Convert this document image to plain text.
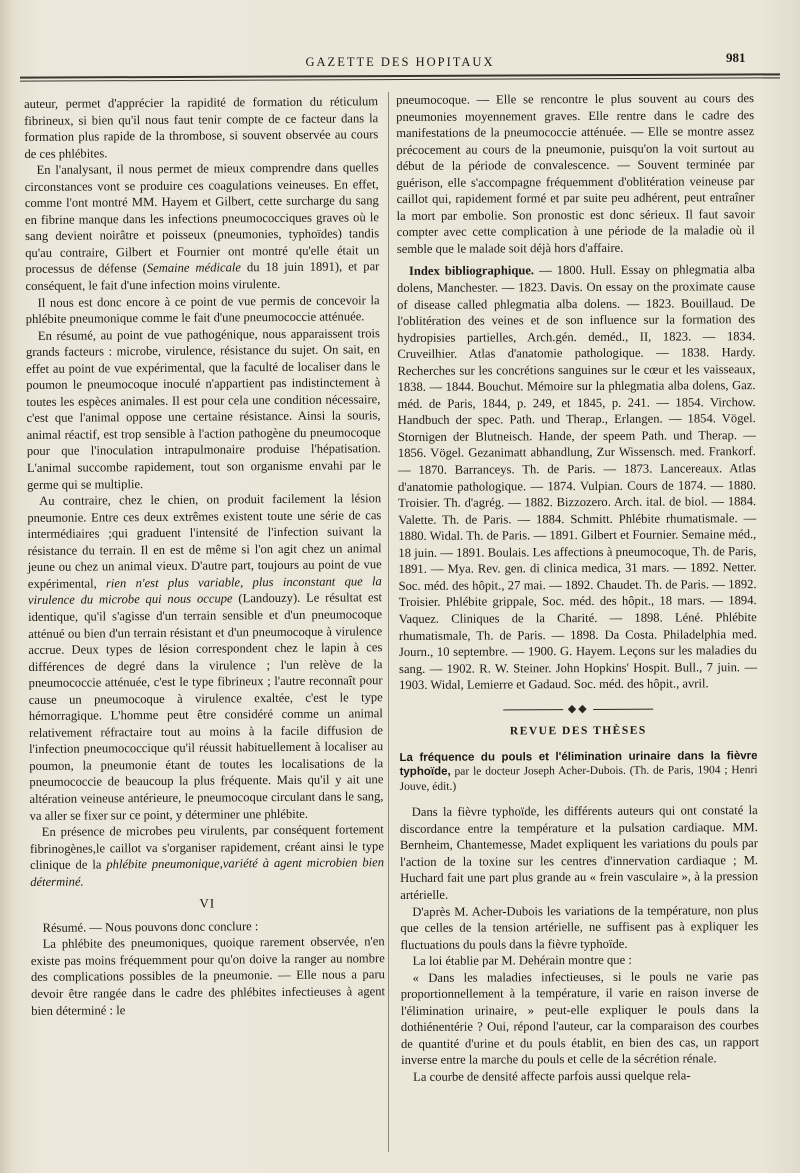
GAZETTE DES HOPITAUX	981

auteur, permet d'apprécier la rapidité de formation du réticulum fibrineux, si bien qu'il nous faut tenir compte de ce facteur dans la formation plus rapide de la thrombose, si souvent observée au cours de ces phlébites.

En l'analysant, il nous permet de mieux comprendre dans quelles circonstances vont se produire ces coagulations veineuses. En effet, comme l'ont montré MM. Hayem et Gilbert, cette surcharge du sang en fibrine manque dans les infections pneumococciques graves où le sang devient noirâtre et poisseux (pneumonies, typhoïdes) tandis qu'au contraire, Gilbert et Fournier ont montré qu'elle était un processus de défense (Semaine médicale du 18 juin 1891), et par conséquent, le fait d'une infection moins virulente.

Il nous est donc encore à ce point de vue permis de concevoir la phlébite pneumonique comme le fait d'une pneumococcie atténuée.

En résumé, au point de vue pathogénique, nous apparaissent trois grands facteurs : microbe, virulence, résistance du sujet. On sait, en effet au point de vue expérimental, que la faculté de localiser dans le poumon le pneumocoque inoculé n'appartient pas indistinctement à toutes les espèces animales. Il est pour cela une condition nécessaire, c'est que l'animal oppose une certaine résistance. Ainsi la souris, animal réactif, est trop sensible à l'action pathogène du pneumocoque pour que l'inoculation intrapulmonaire produise l'hépatisation. L'animal succombe rapidement, tout son organisme envahi par le germe qui se multiplie.

Au contraire, chez le chien, on produit facilement la lésion pneumonie. Entre ces deux extrêmes existent toute une série de cas intermédiaires ;qui graduent l'intensité de l'infection suivant la résistance du terrain. Il en est de même si l'on agit chez un animal jeune ou chez un animal vieux. D'autre part, toujours au point de vue expérimental, rien n'est plus variable, plus inconstant que la virulence du microbe qui nous occupe (Landouzy). Le résultat est identique, qu'il s'agisse d'un terrain sensible et d'un pneumocoque atténué ou bien d'un terrain résistant et d'un pneumocoque à virulence accrue. Deux types de lésion correspondent chez le lapin à ces différences de degré dans la virulence ; l'un relève de la pneumococcie atténuée, c'est le type fibrineux ; l'autre reconnaît pour cause un pneumocoque à virulence exaltée, c'est le type hémorragique. L'homme peut être considéré comme un animal relativement réfractaire tout au moins à la facile diffusion de l'infection pneumococcique qu'il réussit habituellement à localiser au poumon, la pneumonie étant de toutes les localisations de la pneumococcie de beaucoup la plus fréquente. Mais qu'il y ait une altération veineuse antérieure, le pneumocoque circulant dans le sang, va aller se fixer sur ce point, y déterminer une phlébite.

En présence de microbes peu virulents, par conséquent fortement fibrinogènes,le caillot va s'organiser rapidement, créant ainsi le type clinique de la phlébite pneumonique,variété à agent microbien bien déterminé.

VI

Résumé. — Nous pouvons donc conclure :

La phlébite des pneumoniques, quoique rarement observée, n'en existe pas moins fréquemment pour qu'on doive la ranger au nombre des complications possibles de la pneumonie. — Elle nous a paru devoir être rangée dans le cadre des phlébites infectieuses à agent bien déterminé : le

pneumocoque. — Elle se rencontre le plus souvent au cours des pneumonies moyennement graves. Elle rentre dans le cadre des manifestations de la pneumococcie atténuée. — Elle se montre assez précocement au cours de la pneumonie, puisqu'on la voit surtout au début de la période de convalescence. — Souvent terminée par guérison, elle s'accompagne fréquemment d'oblitération veineuse par caillot qui, rapidement formé et par suite peu adhérent, peut entraîner la mort par embolie. Son pronostic est donc sérieux. Il faut savoir compter avec cette complication à une période de la maladie où il semble que le malade soit déjà hors d'affaire.

Index bibliographique. — 1800. Hull. Essay on phlegmatia alba dolens, Manchester. — 1823. Davis. On essay on the proximate cause of disease called phlegmatia alba dolens. — 1823. Bouillaud. De l'oblitération des veines et de son influence sur la formation des hydropisies partielles, Arch.gén. deméd., II, 1823. — 1834. Cruveilhier. Atlas d'anatomie pathologique. — 1838. Hardy. Recherches sur les concrétions sanguines sur le cœur et les vaisseaux, 1838. — 1844. Bouchut. Mémoire sur la phlegmatia alba dolens, Gaz. méd. de Paris, 1844, p. 249, et 1845, p. 241. — 1854. Virchow. Handbuch der spec. Path. und Therap., Erlangen. — 1854. Vögel. Stornigen der Blutneisch. Hande, der speem Path. und Therap. — 1856. Vögel. Gezanimatt abhandlung, Zur Wissensch. med. Frankorf. — 1870. Barranceys. Th. de Paris. — 1873. Lancereaux. Atlas d'anatomie pathologique. — 1874. Vulpian. Cours de 1874. — 1880. Troisier. Th. d'agrég. — 1882. Bizzozero. Arch. ital. de biol. — 1884. Valette. Th. de Paris. — 1884. Schmitt. Phlébite rhumatismale. — 1880. Widal. Th. de Paris. — 1891. Gilbert et Fournier. Semaine méd., 18 juin. — 1891. Boulais. Les affections à pneumocoque, Th. de Paris, 1891. — Mya. Rev. gen. di clinica medica, 31 mars. — 1892. Netter. Soc. méd. des hôpit., 27 mai. — 1892. Chaudet. Th. de Paris. — 1892. Troisier. Phlébite grippale, Soc. méd. des hôpit., 18 mars. — 1894. Vaquez. Cliniques de la Charité. — 1898. Léné. Phlébite rhumatismale, Th. de Paris. — 1898. Da Costa. Philadelphia med. Journ., 10 septembre. — 1900. G. Hayem. Leçons sur les maladies du sang. — 1902. R. W. Steiner. John Hopkins' Hospit. Bull., 7 juin. — 1903. Widal, Lemierre et Gadaud. Soc. méd. des hôpit., avril.

◆◆
REVUE DES THÈSES
La fréquence du pouls et l'élimination urinaire dans la fièvre typhoïde, par le docteur Joseph Acher-Dubois. (Th. de Paris, 1904 ; Henri Jouve, édit.)

Dans la fièvre typhoïde, les différents auteurs qui ont constaté la discordance entre la température et la pulsation cardiaque. MM. Bernheim, Chantemesse, Madet expliquent les variations du pouls par l'action de la toxine sur les centres d'innervation cardiaque ; M. Huchard fait une part plus grande au « frein vasculaire », à la pression artérielle.

D'après M. Acher-Dubois les variations de la température, non plus que celles de la tension artérielle, ne suffisent pas à expliquer les fluctuations du pouls dans la fièvre typhoïde.

La loi établie par M. Dehérain montre que :

« Dans les maladies infectieuses, si le pouls ne varie pas proportionnellement à la température, il varie en raison inverse de l'élimination urinaire, » peut-elle expliquer le pouls dans la dothiénentérie ? Oui, répond l'auteur, car la comparaison des courbes de quantité d'urine et du pouls établit, en bien des cas, un rapport inverse entre la marche du pouls et celle de la sécrétion rénale.

La courbe de densité affecte parfois aussi quelque rela-
